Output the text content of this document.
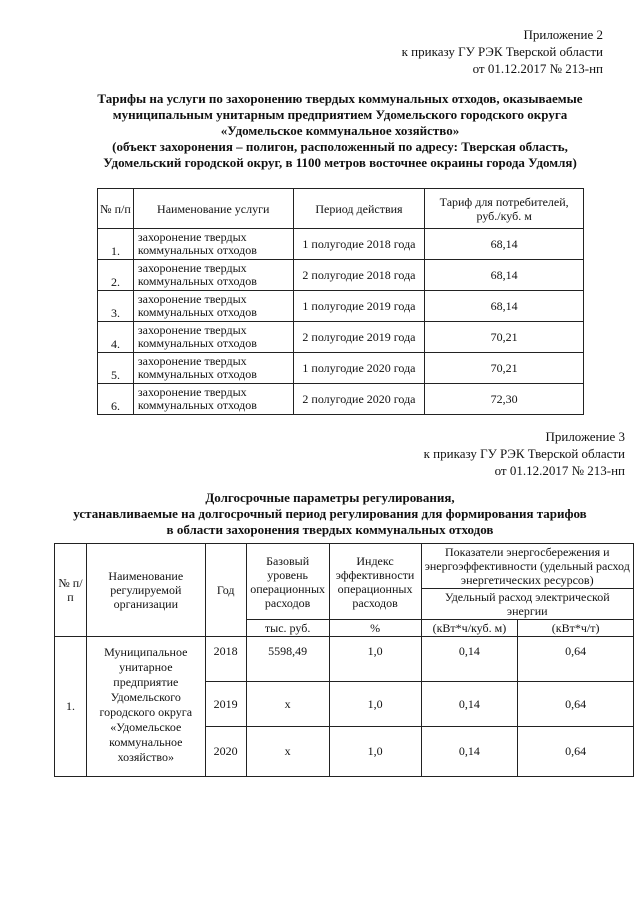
Приложение 2
к приказу ГУ РЭК Тверской области
от 01.12.2017 № 213-нп
Тарифы на услуги по захоронению твердых коммунальных отходов, оказываемые
муниципальным унитарным предприятием Удомельского городского округа
«Удомельское коммунальное хозяйство»
(объект захоронения – полигон, расположенный по адресу: Тверская область,
Удомельский городской округ, в 1100 метров восточнее окраины города Удомля)
№ п/п	Наименование услуги	Период действия	Тариф для потребителей, руб./куб. м
1.	захоронение твердых коммунальных отходов	1 полугодие 2018 года	68,14
2.	захоронение твердых коммунальных отходов	2 полугодие 2018 года	68,14
3.	захоронение твердых коммунальных отходов	1 полугодие 2019 года	68,14
4.	захоронение твердых коммунальных отходов	2 полугодие 2019 года	70,21
5.	захоронение твердых коммунальных отходов	1 полугодие 2020 года	70,21
6.	захоронение твердых коммунальных отходов	2 полугодие 2020 года	72,30
Приложение 3
к приказу ГУ РЭК Тверской области
от 01.12.2017 № 213-нп
Долгосрочные параметры регулирования,
устанавливаемые на долгосрочный период регулирования для формирования тарифов
в области захоронения твердых коммунальных отходов
№ п/п	Наименование регулируемой организации	Год	Базовый уровень операционных расходов	Индекс эффективности операционных расходов	Показатели энергосбережения и энергоэффективности (удельный расход энергетических ресурсов)	
					Удельный расход электрической энергии	
			тыс. руб.	%	(кВт*ч/куб. м)	(кВт*ч/т)
1.	Муниципальное унитарное предприятие Удомельского городского округа «Удомельское коммунальное хозяйство»	2018	5598,49	1,0	0,14	0,64
		2019	х	1,0	0,14	0,64
		2020	х	1,0	0,14	0,64
